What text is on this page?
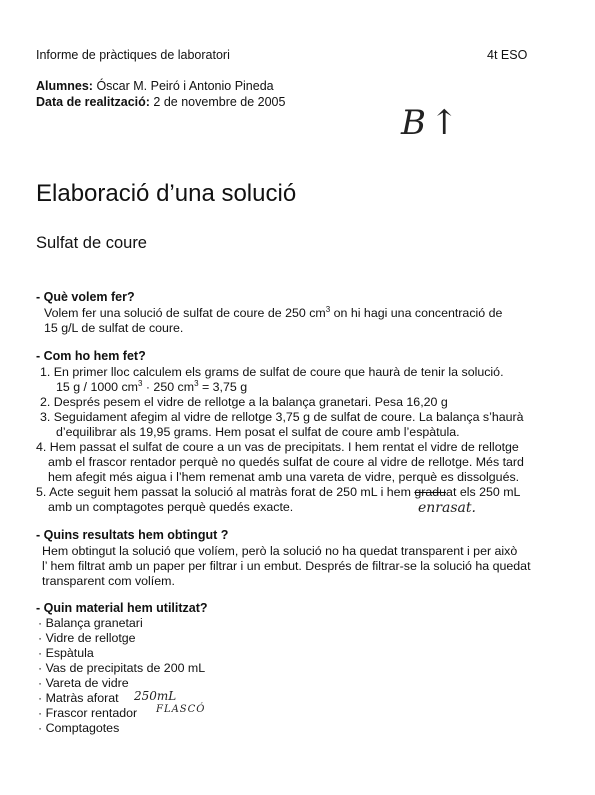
Informe de pràctiques de laboratori	4t ESO
Alumnes: Óscar M. Peiró i Antonio Pineda
Data de realització: 2 de novembre de 2005
B↑
Elaboració d’una solució
Sulfat de coure
- Què volem fer?
Volem fer una solució de sulfat de coure de 250 $cm^3$ on hi hagi una concentració de
15 g/L de sulfat de coure.
- Com ho hem fet?
1. En primer lloc calculem els grams de sulfat de coure que haurà de tenir la solució.
15 g / 1000 $cm^3 \cdot 250$ $cm^3 = 3,75$ g
2. Després pesem el vidre de rellotge a la balança granetari. Pesa 16,20 g
3. Seguidament afegim al vidre de rellotge 3,75 g de sulfat de coure. La balança s’haurà
d’equilibrar als 19,95 grams. Hem posat el sulfat de coure amb l’espàtula.
4. Hem passat el sulfat de coure a un vas de precipitats. I hem rentat el vidre de rellotge
amb el frascor rentador perquè no quedés sulfat de coure al vidre de rellotge. Més tard
hem afegit més aigua i l’hem remenat amb una vareta de vidre, perquè es dissolgués.
5. Acte seguit hem passat la solució al matràs forat de 250 mL i hem graduat els 250 mL
amb un comptagotes perquè quedés exacte.	enrasat.
- Quins resultats hem obtingut ?
Hem obtingut la solució que volíem, però la solució no ha quedat transparent i per això
l’ hem filtrat amb un paper per filtrar i un embut. Després de filtrar-se la solució ha quedat
transparent com volíem.
- Quin material hem utilitzat?
· Balança granetari
· Vidre de rellotge
· Espàtula
· Vas de precipitats de 200 mL
· Vareta de vidre
· Matràs aforat
· Frascor rentador
· Comptagotes
250mL
FLASCÓ
